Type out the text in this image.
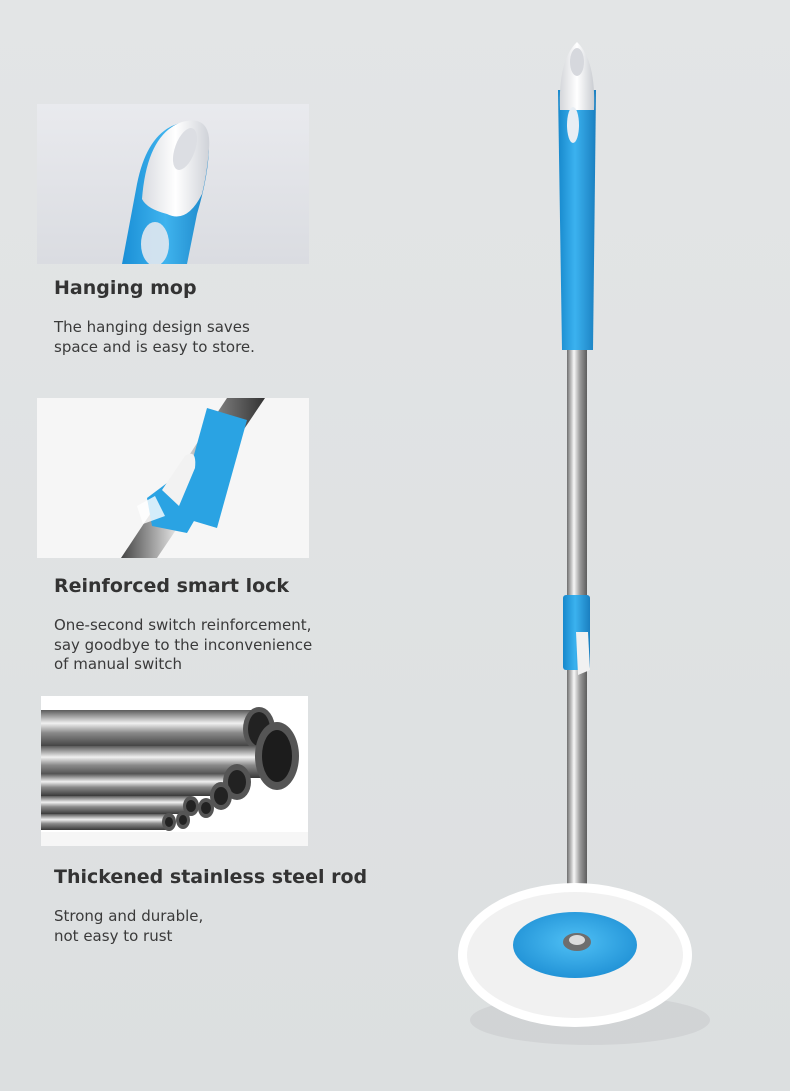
Hanging mop
The hanging design saves
space and is easy to store.
Reinforced smart lock
One-second switch reinforcement,
say goodbye to the inconvenience
of manual switch
Thickened stainless steel rod
Strong and durable,
not easy to rust
